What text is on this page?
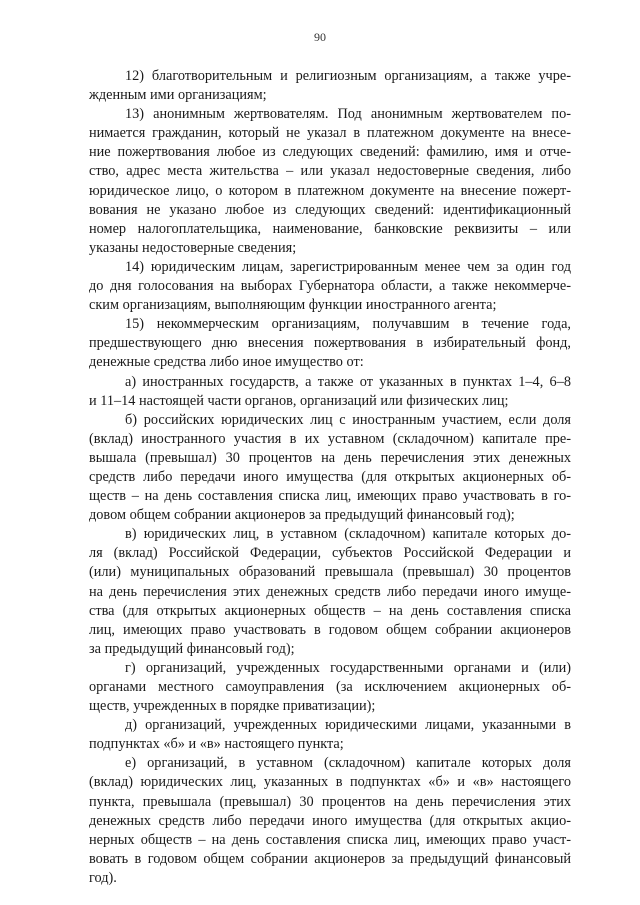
90
12) благотворительным и религиозным организациям, а также учре-
жденным ими организациям;
13) анонимным жертвователям. Под анонимным жертвователем по-
нимается гражданин, который не указал в платежном документе на внесе-
ние пожертвования любое из следующих сведений: фамилию, имя и отче-
ство, адрес места жительства – или указал недостоверные сведения, либо
юридическое лицо, о котором в платежном документе на внесение пожерт-
вования не указано любое из следующих сведений: идентификационный
номер налогоплательщика, наименование, банковские реквизиты – или
указаны недостоверные сведения;
14) юридическим лицам, зарегистрированным менее чем за один год
до дня голосования на выборах Губернатора области, а также некоммерче-
ским организациям, выполняющим функции иностранного агента;
15) некоммерческим организациям, получавшим в течение года,
предшествующего дню внесения пожертвования в избирательный фонд,
денежные средства либо иное имущество от:
а) иностранных государств, а также от указанных в пунктах 1–4, 6–8
и 11–14 настоящей части органов, организаций или физических лиц;
б) российских юридических лиц с иностранным участием, если доля
(вклад) иностранного участия в их уставном (складочном) капитале пре-
вышала (превышал) 30 процентов на день перечисления этих денежных
средств либо передачи иного имущества (для открытых акционерных об-
ществ – на день составления списка лиц, имеющих право участвовать в го-
довом общем собрании акционеров за предыдущий финансовый год);
в) юридических лиц, в уставном (складочном) капитале которых до-
ля (вклад) Российской Федерации, субъектов Российской Федерации и
(или) муниципальных образований превышала (превышал) 30 процентов
на день перечисления этих денежных средств либо передачи иного имуще-
ства (для открытых акционерных обществ – на день составления списка
лиц, имеющих право участвовать в годовом общем собрании акционеров
за предыдущий финансовый год);
г) организаций, учрежденных государственными органами и (или)
органами местного самоуправления (за исключением акционерных об-
ществ, учрежденных в порядке приватизации);
д) организаций, учрежденных юридическими лицами, указанными в
подпунктах «б» и «в» настоящего пункта;
е) организаций, в уставном (складочном) капитале которых доля
(вклад) юридических лиц, указанных в подпунктах «б» и «в» настоящего
пункта, превышала (превышал) 30 процентов на день перечисления этих
денежных средств либо передачи иного имущества (для открытых акцио-
нерных обществ – на день составления списка лиц, имеющих право участ-
вовать в годовом общем собрании акционеров за предыдущий финансовый
год).
